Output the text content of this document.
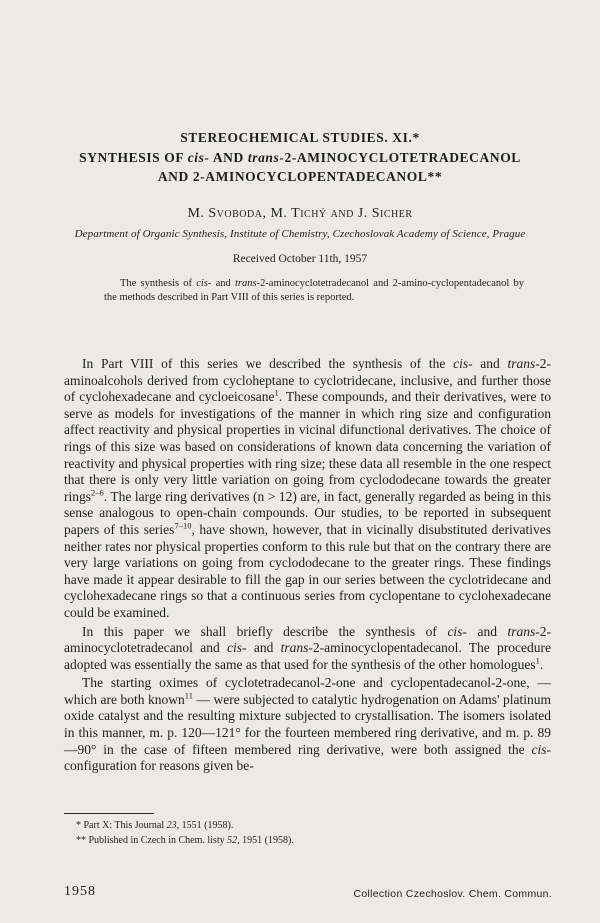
STEREOCHEMICAL STUDIES. XI.*
SYNTHESIS OF cis- AND trans-2-AMINOCYCLOTETRADECANOL
AND 2-AMINOCYCLOPENTADECANOL**
M. Svoboda, M. Tichý and J. Sicher
Department of Organic Synthesis, Institute of Chemistry, Czechoslovak Academy of Science, Prague
Received October 11th, 1957
The synthesis of cis- and trans-2-aminocyclotetradecanol and 2-amino-cyclopentadecanol by the methods described in Part VIII of this series is reported.

In Part VIII of this series we described the synthesis of the cis- and trans-2-aminoalcohols derived from cycloheptane to cyclotridecane, inclusive, and further those of cyclohexadecane and cycloeicosane$^1$. These compounds, and their derivatives, were to serve as models for investigations of the manner in which ring size and configuration affect reactivity and physical properties in vicinal difunctional derivatives. The choice of rings of this size was based on considerations of known data concerning the variation of reactivity and physical properties with ring size; these data all resemble in the one respect that there is only very little variation on going from cyclododecane towards the greater rings$^{2-6}$. The large ring derivatives (n > 12) are, in fact, generally regarded as being in this sense analogous to open-chain compounds. Our studies, to be reported in subsequent papers of this series$^{7-10}$, have shown, however, that in vicinally disubstituted derivatives neither rates nor physical properties conform to this rule but that on the contrary there are very large variations on going from cyclododecane to the greater rings. These findings have made it appear desirable to fill the gap in our series between the cyclotridecane and cyclohexadecane rings so that a continuous series from cyclopentane to cyclohexadecane could be examined.

In this paper we shall briefly describe the synthesis of cis- and trans-2-aminocyclotetradecanol and cis- and trans-2-aminocyclopentadecanol. The procedure adopted was essentially the same as that used for the synthesis of the other homologues$^1$.

The starting oximes of cyclotetradecanol-2-one and cyclopentadecanol-2-one, — which are both known$^{11}$ — were subjected to catalytic hydrogenation on Adams' platinum oxide catalyst and the resulting mixture subjected to crystallisation. The isomers isolated in this manner, m. p. 120—121° for the fourteen membered ring derivative, and m. p. 89—90° in the case of fifteen membered ring derivative, were both assigned the cis-configuration for reasons given be-

* Part X: This Journal 23, 1551 (1958).
** Published in Czech in Chem. listy 52, 1951 (1958).
1958	Collection Czechoslov. Chem. Commun.
